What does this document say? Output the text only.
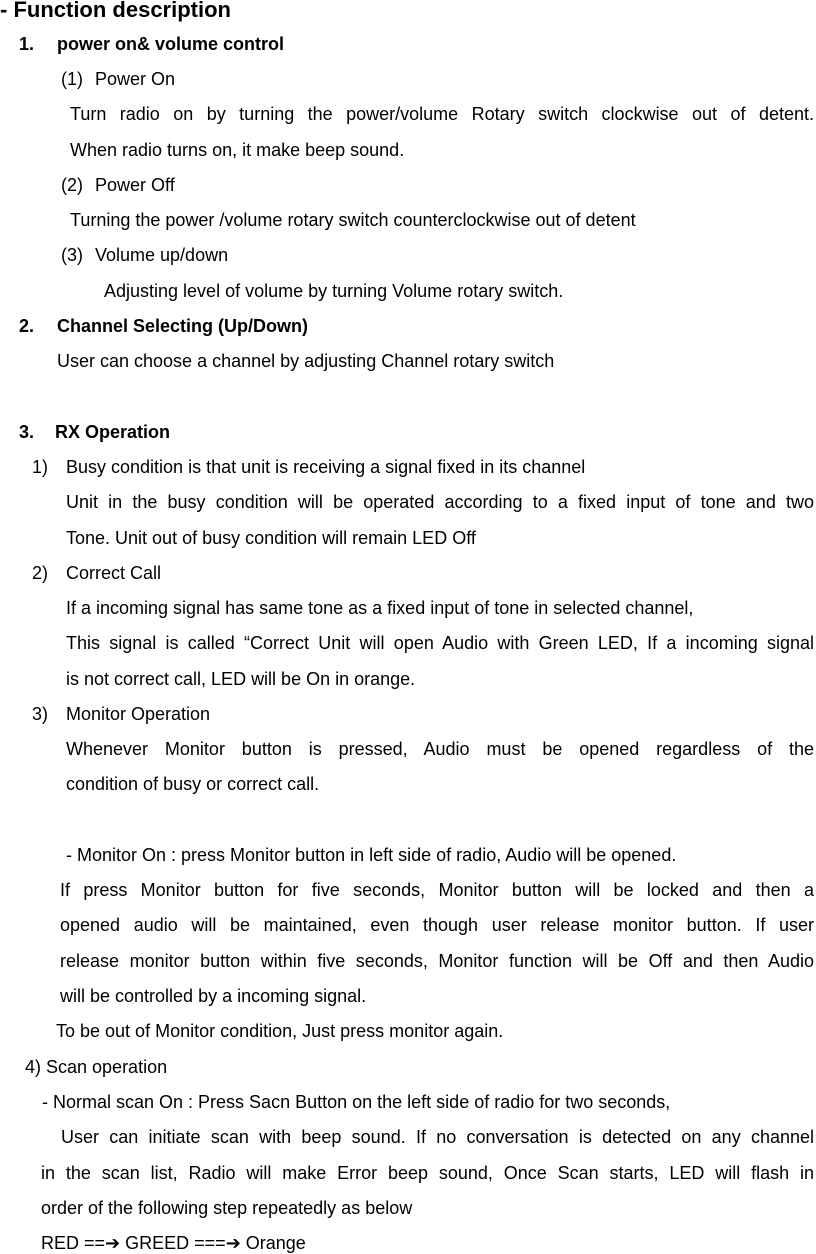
- Function description
1. power on& volume control
(1) Power On
Turn radio on by turning the power/volume Rotary switch clockwise out of detent.
When radio turns on, it make beep sound.
(2) Power Off
Turning the power /volume rotary switch counterclockwise out of detent
(3) Volume up/down
Adjusting level of volume by turning Volume rotary switch.
2. Channel Selecting (Up/Down)
User can choose a channel by adjusting Channel rotary switch
3. RX Operation
1) Busy condition is that unit is receiving a signal fixed in its channel
Unit in the busy condition will be operated according to a fixed input of tone and two
Tone. Unit out of busy condition will remain LED Off
2) Correct Call
If a incoming signal has same tone as a fixed input of tone in selected channel,
This signal is called “Correct Unit will open Audio with Green LED, If a incoming signal
is not correct call, LED will be On in orange.
3) Monitor Operation
Whenever Monitor button is pressed, Audio must be opened regardless of the
condition of busy or correct call.
- Monitor On : press Monitor button in left side of radio, Audio will be opened.
If press Monitor button for five seconds, Monitor button will be locked and then a
opened audio will be maintained, even though user release monitor button. If user
release monitor button within five seconds, Monitor function will be Off and then Audio
will be controlled by a incoming signal.
To be out of Monitor condition, Just press monitor again.
4) Scan operation
- Normal scan On : Press Sacn Button on the left side of radio for two seconds,
User can initiate scan with beep sound. If no conversation is detected on any channel
in the scan list, Radio will make Error beep sound, Once Scan starts, LED will flash in
order of the following step repeatedly as below
RED ==➔ GREED ===➔ Orange
